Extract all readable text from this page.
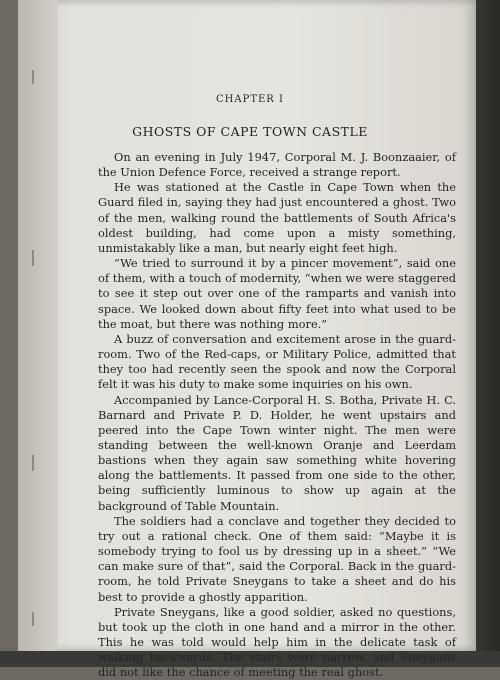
CHAPTER I
GHOSTS OF CAPE TOWN CASTLE

On an evening in July 1947, Corporal M. J. Boonzaaier, of the Union Defence Force, received a strange report.

He was stationed at the Castle in Cape Town when the Guard filed in, saying they had just encountered a ghost. Two of the men, walking round the battlements of South Africa's oldest building, had come upon a misty something, unmistakably like a man, but nearly eight feet high.

“We tried to surround it by a pincer movement”, said one of them, with a touch of modernity, “when we were staggered to see it step out over one of the ramparts and vanish into space. We looked down about fifty feet into what used to be the moat, but there was nothing more.”

A buzz of conversation and excitement arose in the guard-room. Two of the Red-caps, or Military Police, admitted that they too had recently seen the spook and now the Corporal felt it was his duty to make some inquiries on his own.

Accompanied by Lance-Corporal H. S. Botha, Private H. C. Barnard and Private P. D. Holder, he went upstairs and peered into the Cape Town winter night. The men were standing between the well-known Oranje and Leerdam bastions when they again saw something white hovering along the battlements. It passed from one side to the other, being sufficiently luminous to show up again at the background of Table Mountain.

The soldiers had a conclave and together they decided to try out a rational check. One of them said: “Maybe it is somebody trying to fool us by dressing up in a sheet.” “We can make sure of that”, said the Corporal. Back in the guard-room, he told Private Sneygans to take a sheet and do his best to provide a ghostly apparition.

Private Sneygans, like a good soldier, asked no questions, but took up the cloth in one hand and a mirror in the other. This he was told would help him in the delicate task of walking backwards. The stairs were narrow, and Sneygans did not like the chance of meeting the real ghost.
